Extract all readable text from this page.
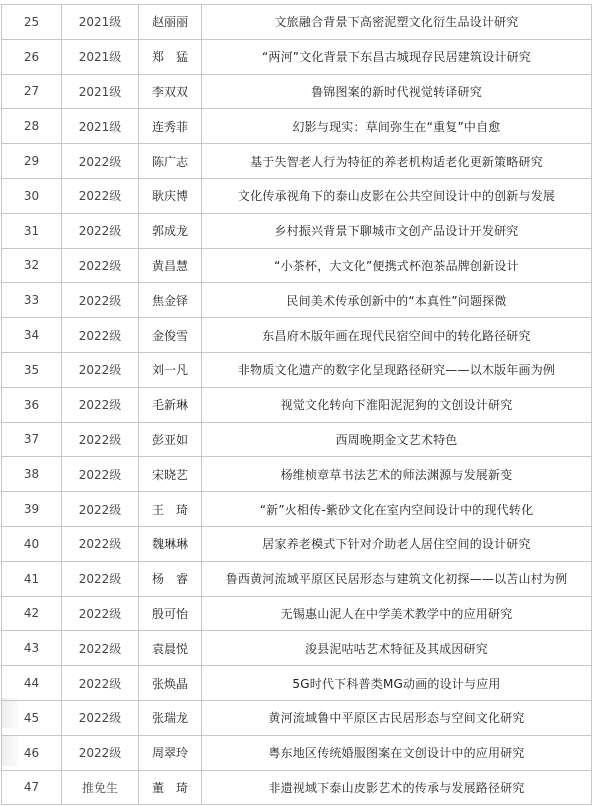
25	2021级	赵丽丽	文旅融合背景下高密泥塑文化衍生品设计研究
26	2021级	郑　猛	“两河”文化背景下东昌古城现存民居建筑设计研究
27	2021级	李双双	鲁锦图案的新时代视觉转译研究
28	2021级	连秀菲	幻影与现实：草间弥生在“重复”中自愈
29	2022级	陈广志	基于失智老人行为特征的养老机构适老化更新策略研究
30	2022级	耿庆博	文化传承视角下的泰山皮影在公共空间设计中的创新与发展
31	2022级	郭成龙	乡村振兴背景下聊城市文创产品设计开发研究
32	2022级	黄昌慧	“小茶杯，大文化”便携式杯泡茶品牌创新设计
33	2022级	焦金铎	民间美术传承创新中的“本真性”问题探微
34	2022级	金俊雪	东昌府木版年画在现代民宿空间中的转化路径研究
35	2022级	刘一凡	非物质文化遗产的数字化呈现路径研究——以木版年画为例
36	2022级	毛新琳	视觉文化转向下淮阳泥泥狗的文创设计研究
37	2022级	彭亚如	西周晚期金文艺术特色
38	2022级	宋晓艺	杨维桢章草书法艺术的师法渊源与发展新变
39	2022级	王　琦	“新”火相传-紫砂文化在室内空间设计中的现代转化
40	2022级	魏琳琳	居家养老模式下针对介助老人居住空间的设计研究
41	2022级	杨　睿	鲁西黄河流域平原区民居形态与建筑文化初探——以苫山村为例
42	2022级	殷可怡	无锡惠山泥人在中学美术教学中的应用研究
43	2022级	袁晨悦	浚县泥咕咕艺术特征及其成因研究
44	2022级	张焕晶	5G时代下科普类MG动画的设计与应用
45	2022级	张瑞龙	黄河流域鲁中平原区古民居形态与空间文化研究
46	2022级	周翠玲	粤东地区传统婚服图案在文创设计中的应用研究
47	推免生	董　琦	非遗视域下泰山皮影艺术的传承与发展路径研究
